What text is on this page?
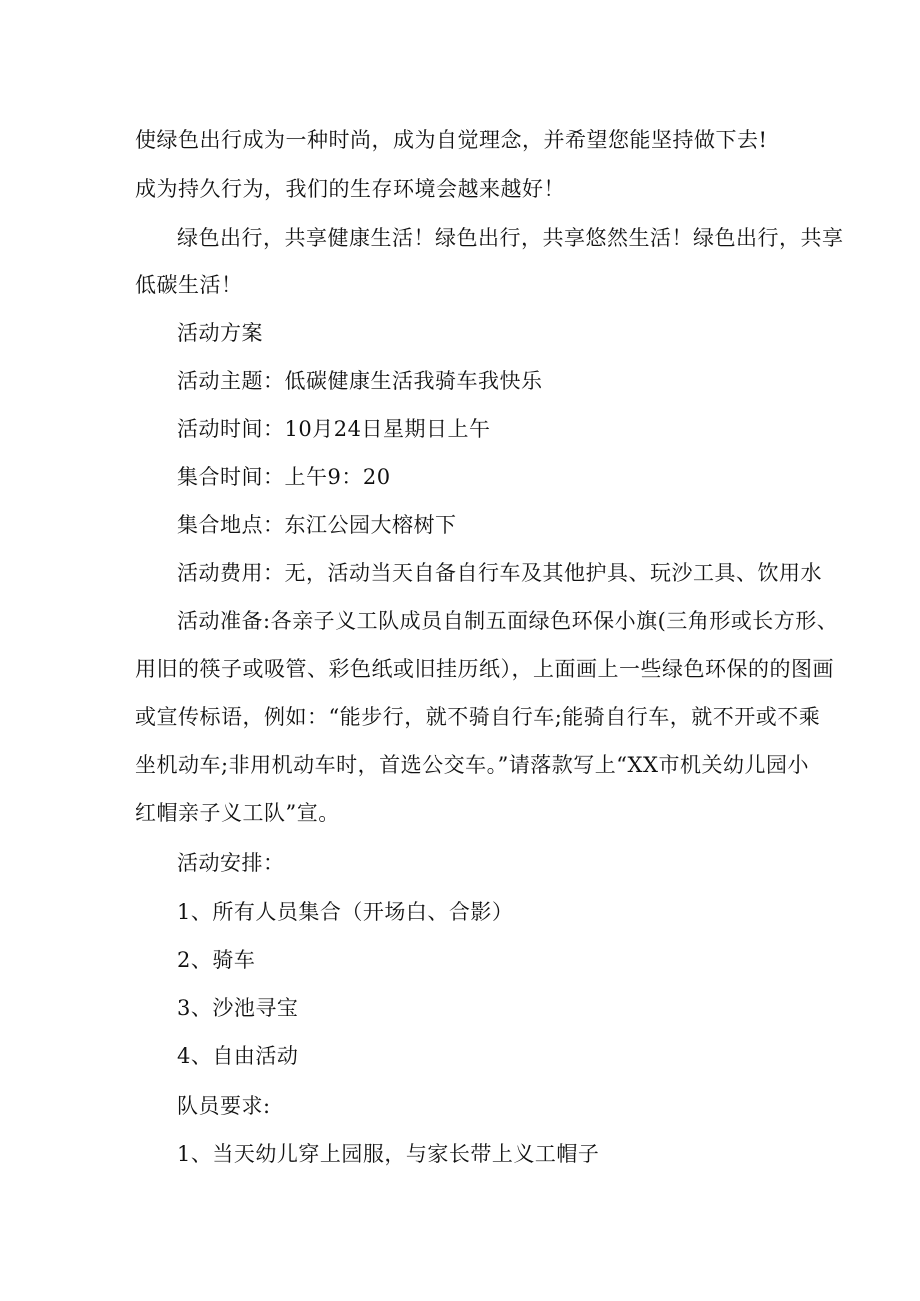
使绿色出行成为一种时尚，成为自觉理念，并希望您能坚持做下去!
成为持久行为，我们的生存环境会越来越好！
绿色出行，共享健康生活！绿色出行，共享悠然生活！绿色出行，共享
低碳生活！
活动方案
活动主题：低碳健康生活我骑车我快乐
活动时间：10月24日星期日上午
集合时间：上午9：20
集合地点：东江公园大榕树下
活动费用：无，活动当天自备自行车及其他护具、玩沙工具、饮用水
活动准备:各亲子义工队成员自制五面绿色环保小旗(三角形或长方形、
用旧的筷子或吸管、彩色纸或旧挂历纸），上面画上一些绿色环保的的图画
或宣传标语，例如：“能步行，就不骑自行车;能骑自行车，就不开或不乘
坐机动车;非用机动车时，首选公交车。”请落款写上“XX市机关幼儿园小
红帽亲子义工队”宣。
活动安排：
1、所有人员集合（开场白、合影）
2、骑车
3、沙池寻宝
4、自由活动
队员要求:
1、当天幼儿穿上园服，与家长带上义工帽子
